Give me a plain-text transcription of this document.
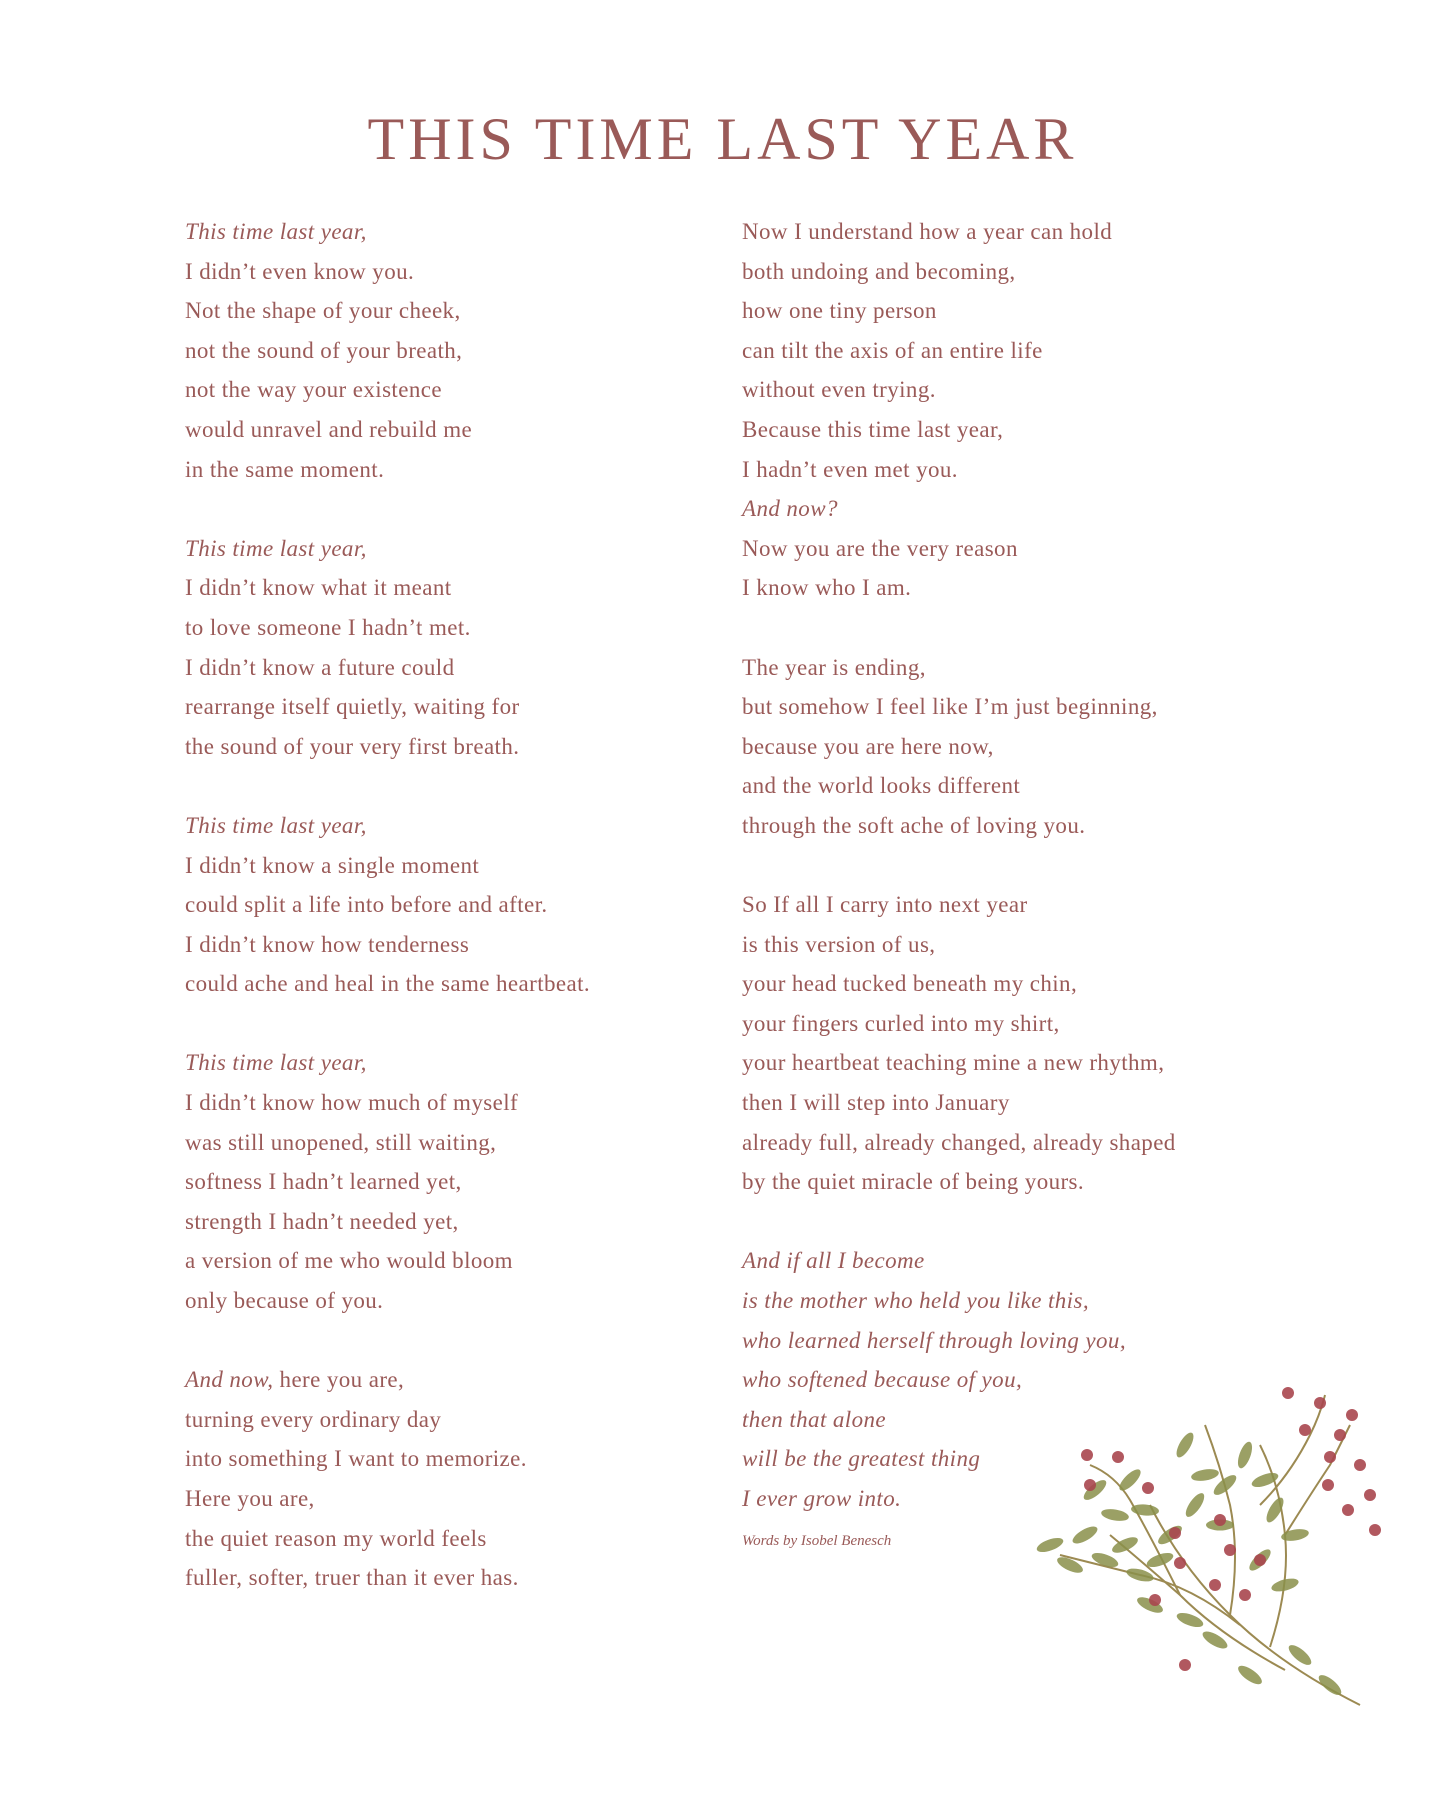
THIS TIME LAST YEAR
This time last year,
I didn’t even know you.
Not the shape of your cheek,
not the sound of your breath,
not the way your existence
would unravel and rebuild me
in the same moment.
This time last year,
I didn’t know what it meant
to love someone I hadn’t met.
I didn’t know a future could
rearrange itself quietly, waiting for
the sound of your very first breath.
This time last year,
I didn’t know a single moment
could split a life into before and after.
I didn’t know how tenderness
could ache and heal in the same heartbeat.
This time last year,
I didn’t know how much of myself
was still unopened, still waiting,
softness I hadn’t learned yet,
strength I hadn’t needed yet,
a version of me who would bloom
only because of you.
And now, here you are,
turning every ordinary day
into something I want to memorize.
Here you are,
the quiet reason my world feels
fuller, softer, truer than it ever has.
Now I understand how a year can hold
both undoing and becoming,
how one tiny person
can tilt the axis of an entire life
without even trying.
Because this time last year,
I hadn’t even met you.
And now?
Now you are the very reason
I know who I am.
The year is ending,
but somehow I feel like I’m just beginning,
because you are here now,
and the world looks different
through the soft ache of loving you.
So If all I carry into next year
is this version of us,
your head tucked beneath my chin,
your fingers curled into my shirt,
your heartbeat teaching mine a new rhythm,
then I will step into January
already full, already changed, already shaped
by the quiet miracle of being yours.
And if all I become
is the mother who held you like this,
who learned herself through loving you,
who softened because of you,
then that alone
will be the greatest thing
I ever grow into.
Words by Isobel Benesch
